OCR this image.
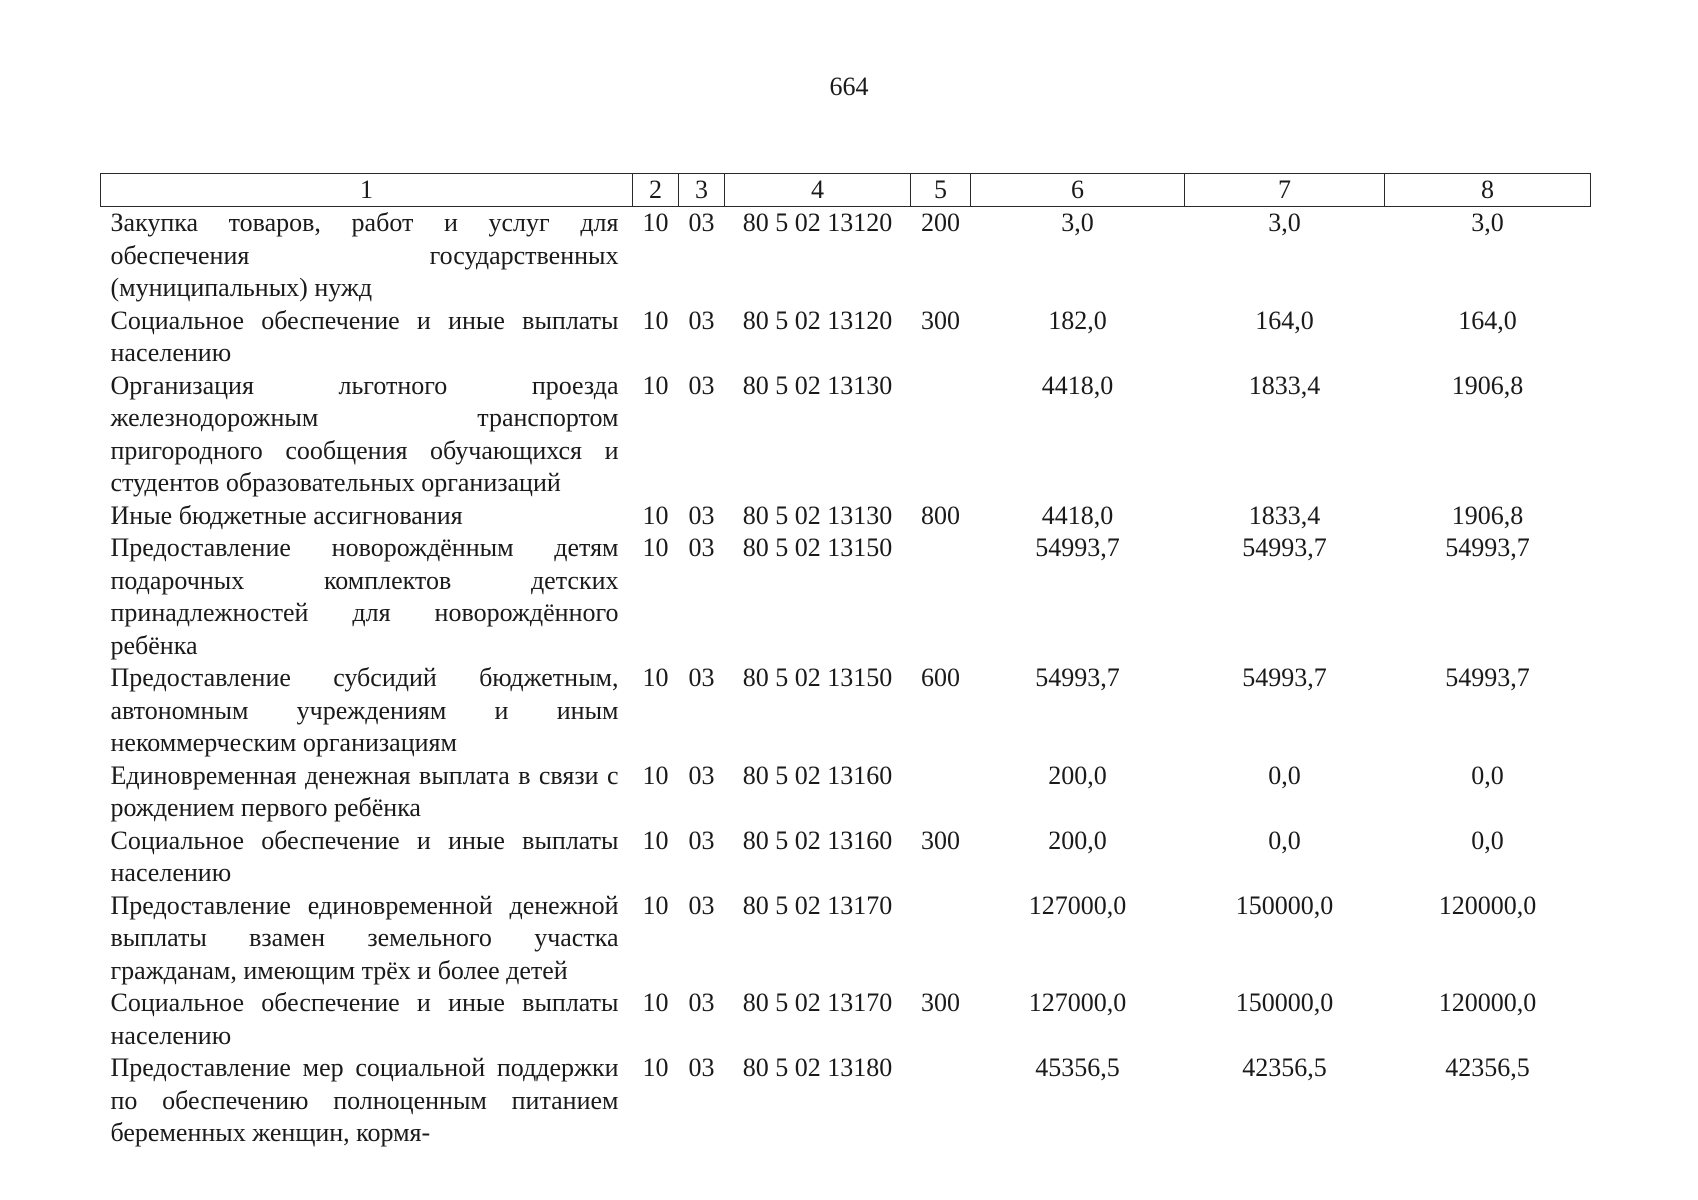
664
1	2	3	4	5	6	7	8
Закупка товаров, работ и услуг для обеспечения государственных (муниципальных) нужд	10	03	80 5 02 13120	200	3,0	3,0	3,0
Социальное обеспечение и иные выплаты населению	10	03	80 5 02 13120	300	182,0	164,0	164,0
Организация льготного проезда железнодорожным транспортом пригородного сообщения обучающихся и студентов образовательных организаций	10	03	80 5 02 13130		4418,0	1833,4	1906,8
Иные бюджетные ассигнования	10	03	80 5 02 13130	800	4418,0	1833,4	1906,8
Предоставление новорождённым детям подарочных комплектов детских принадлежностей для новорождённого ребёнка	10	03	80 5 02 13150		54993,7	54993,7	54993,7
Предоставление субсидий бюджетным, автономным учреждениям и иным некоммерческим организациям	10	03	80 5 02 13150	600	54993,7	54993,7	54993,7
Единовременная денежная выплата в связи с рождением первого ребёнка	10	03	80 5 02 13160		200,0	0,0	0,0
Социальное обеспечение и иные выплаты населению	10	03	80 5 02 13160	300	200,0	0,0	0,0
Предоставление единовременной денежной выплаты взамен земельного участка гражданам, имеющим трёх и более детей	10	03	80 5 02 13170		127000,0	150000,0	120000,0
Социальное обеспечение и иные выплаты населению	10	03	80 5 02 13170	300	127000,0	150000,0	120000,0
Предоставление мер социальной поддержки по обеспечению полноценным питанием беременных женщин, кормя-	10	03	80 5 02 13180		45356,5	42356,5	42356,5
